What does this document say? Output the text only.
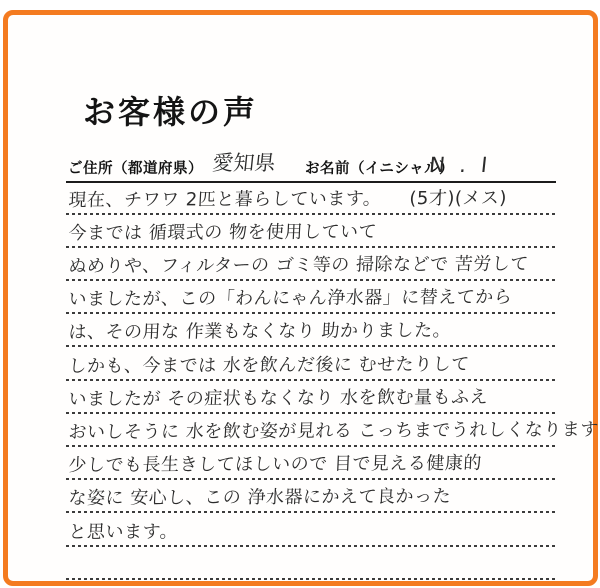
お客様の声
ご住所（都道府県） 愛知県 お名前（イニシャル）
N . I
現在、チワワ 2匹と暮らしています。　　(5才)(メス)
今までは 循環式の 物を使用していて
ぬめりや、フィルターの ゴミ等の 掃除などで 苦労して
いましたが、この「わんにゃん浄水器」に替えてから
は、その用な 作業もなくなり 助かりました。
しかも、今までは 水を飲んだ後に むせたりして
いましたが その症状もなくなり 水を飲む量もふえ
おいしそうに 水を飲む姿が見れる こっちまでうれしくなります
少しでも長生きしてほしいので 目で見える健康的
な姿に 安心し、この 浄水器にかえて良かった
と思います。
